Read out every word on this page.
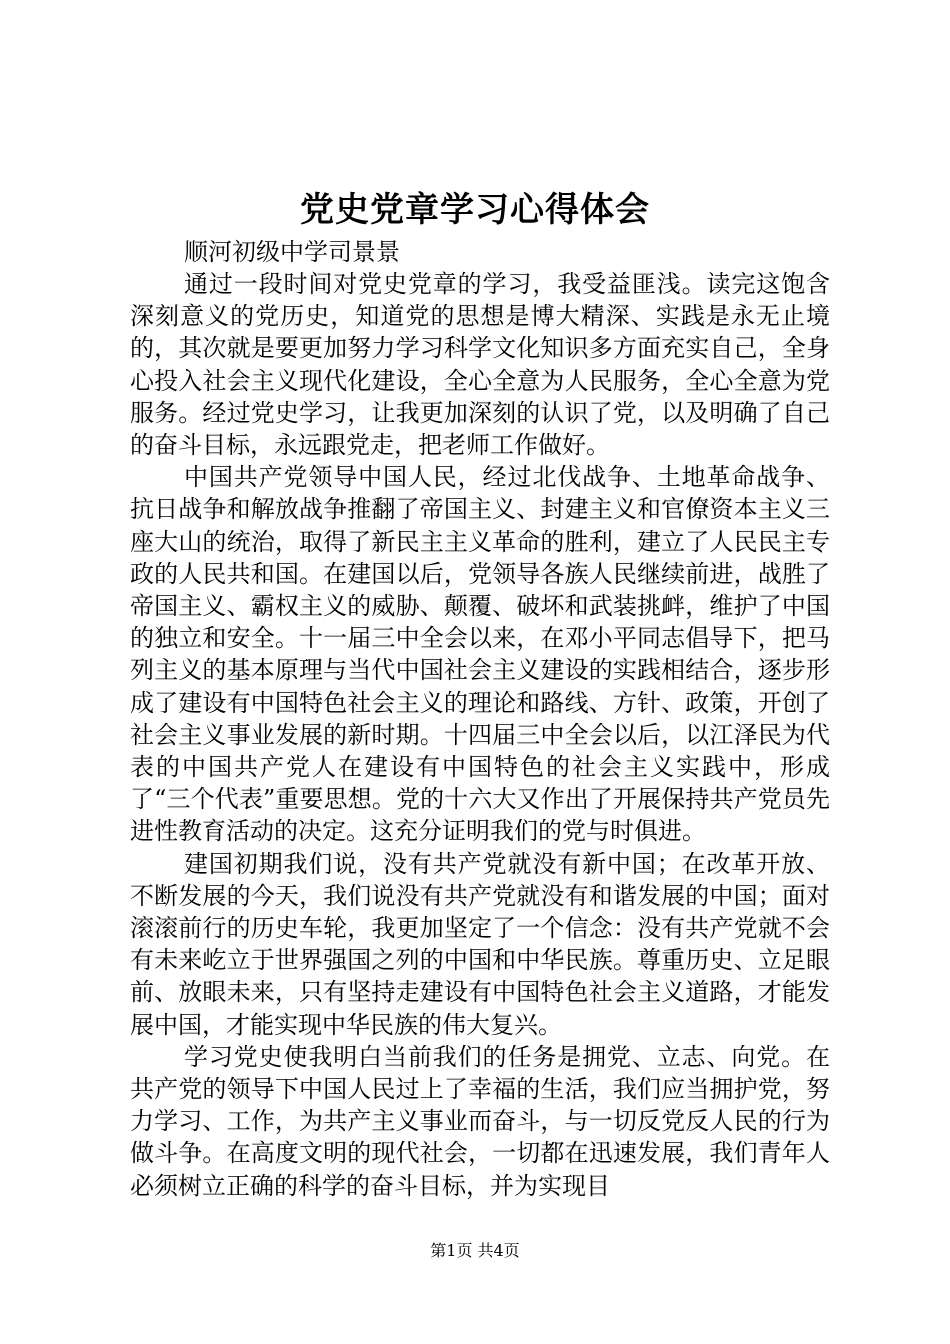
党史党章学习心得体会

顺河初级中学司景景

通过一段时间对党史党章的学习，我受益匪浅。读完这饱含深刻意义的党历史，知道党的思想是博大精深、实践是永无止境的，其次就是要更加努力学习科学文化知识多方面充实自己，全身心投入社会主义现代化建设，全心全意为人民服务，全心全意为党服务。经过党史学习，让我更加深刻的认识了党，以及明确了自己的奋斗目标，永远跟党走，把老师工作做好。

中国共产党领导中国人民，经过北伐战争、土地革命战争、抗日战争和解放战争推翻了帝国主义、封建主义和官僚资本主义三座大山的统治，取得了新民主主义革命的胜利，建立了人民民主专政的人民共和国。在建国以后，党领导各族人民继续前进，战胜了帝国主义、霸权主义的威胁、颠覆、破坏和武装挑衅，维护了中国的独立和安全。十一届三中全会以来，在邓小平同志倡导下，把马列主义的基本原理与当代中国社会主义建设的实践相结合，逐步形成了建设有中国特色社会主义的理论和路线、方针、政策，开创了社会主义事业发展的新时期。十四届三中全会以后，以江泽民为代表的中国共产党人在建设有中国特色的社会主义实践中，形成了“三个代表”重要思想。党的十六大又作出了开展保持共产党员先进性教育活动的决定。这充分证明我们的党与时俱进。

建国初期我们说，没有共产党就没有新中国；在改革开放、不断发展的今天，我们说没有共产党就没有和谐发展的中国；面对滚滚前行的历史车轮，我更加坚定了一个信念：没有共产党就不会有未来屹立于世界强国之列的中国和中华民族。尊重历史、立足眼前、放眼未来，只有坚持走建设有中国特色社会主义道路，才能发展中国，才能实现中华民族的伟大复兴。

学习党史使我明白当前我们的任务是拥党、立志、向党。在共产党的领导下中国人民过上了幸福的生活，我们应当拥护党，努力学习、工作，为共产主义事业而奋斗，与一切反党反人民的行为做斗争。在高度文明的现代社会，一切都在迅速发展，我们青年人必须树立正确的科学的奋斗目标，并为实现目

第1页 共4页
